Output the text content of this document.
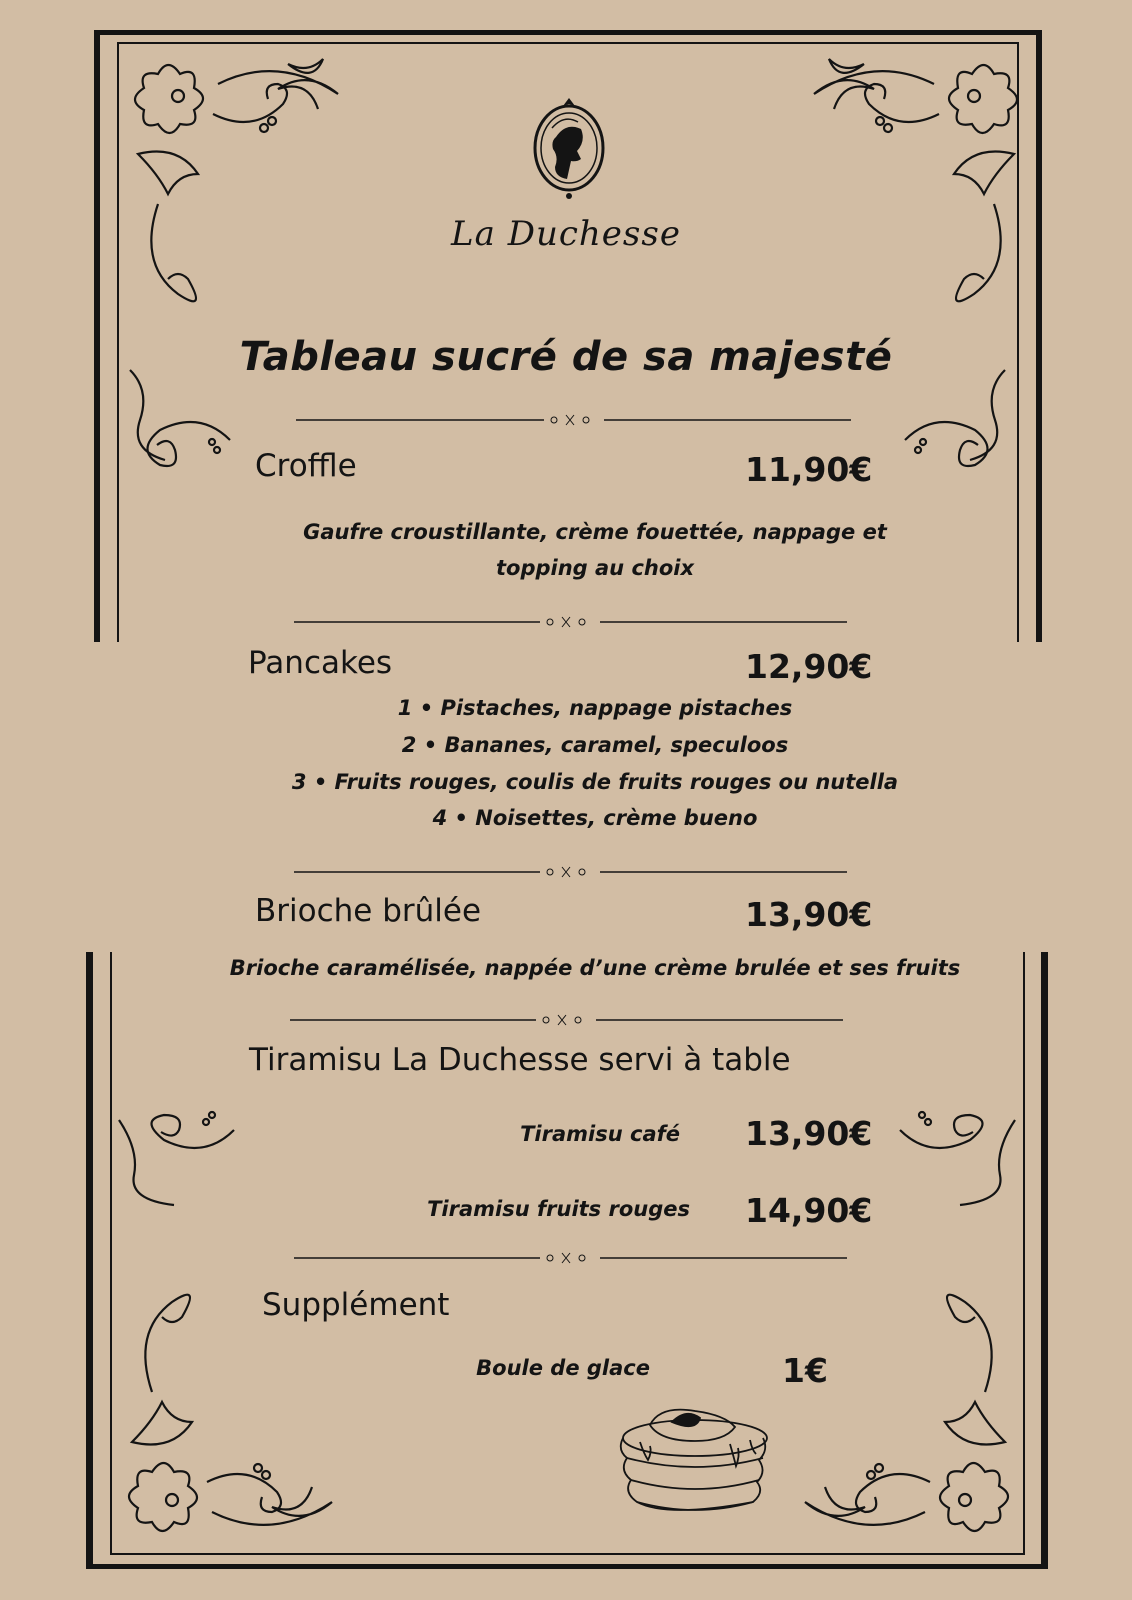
La Duchesse
Tableau sucré de sa majesté
Croffle	11,90€
Gaufre croustillante, crème fouettée, nappage et
topping au choix
Pancakes	12,90€
1 • Pistaches, nappage pistaches
2 • Bananes, caramel, speculoos
3 • Fruits rouges, coulis de fruits rouges ou nutella
4 • Noisettes, crème bueno
Brioche brûlée	13,90€
Brioche caramélisée, nappée d’une crème brulée et ses fruits
Tiramisu La Duchesse servi à table
Tiramisu café 13,90€
Tiramisu fruits rouges 14,90€
Supplément
Boule de glace	1€
